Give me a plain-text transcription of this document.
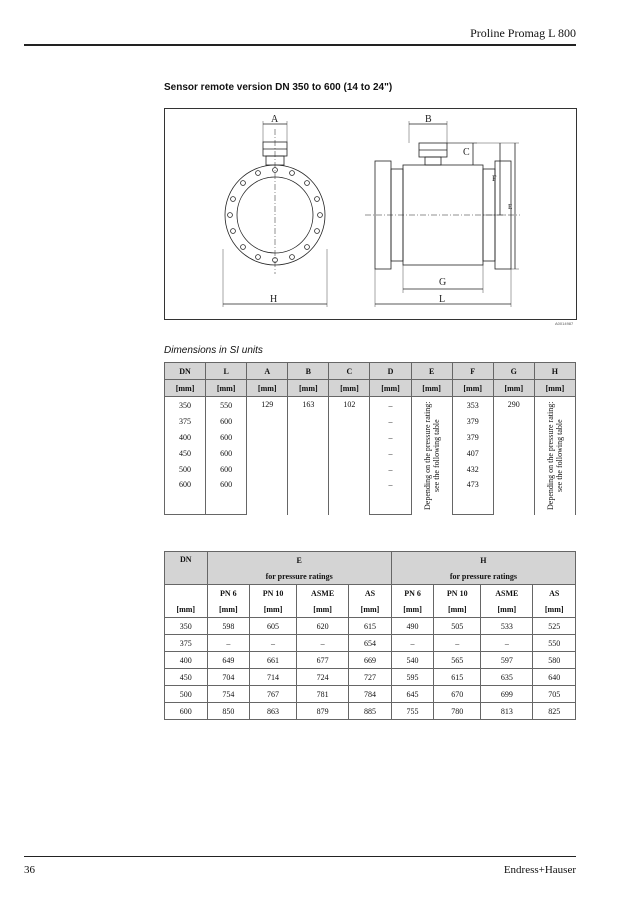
Proline Promag L 800
Sensor remote version DN 350 to 600 (14 to 24")
A	B
C
F
E
G
H	L
A0014987
Dimensions in SI units
DN	L	A	B	C	D	E	F	G	H
[mm]	[mm]	[mm]	[mm]	[mm]	[mm]	[mm]	[mm]	[mm]	[mm]
350	550	129	163	102	–	Depending on the pressure rating: see the following table	353	290	Depending on the pressure rating: see the following table

375	600				–		379		
400	600				–		379		
450	600				–		407		
500	600				–		432		
600	600				–		473		
DN	E				H			
	for pressure ratings				for pressure ratings			
	PN 6	PN 10	ASME	AS	PN 6	PN 10	ASME	AS
[mm]	[mm]	[mm]	[mm]	[mm]	[mm]	[mm]	[mm]	[mm]
350	598	605	620	615	490	505	533	525
375	–	–	–	654	–	–	–	550
400	649	661	677	669	540	565	597	580
450	704	714	724	727	595	615	635	640
500	754	767	781	784	645	670	699	705
600	850	863	879	885	755	780	813	825
36	Endress+Hauser
